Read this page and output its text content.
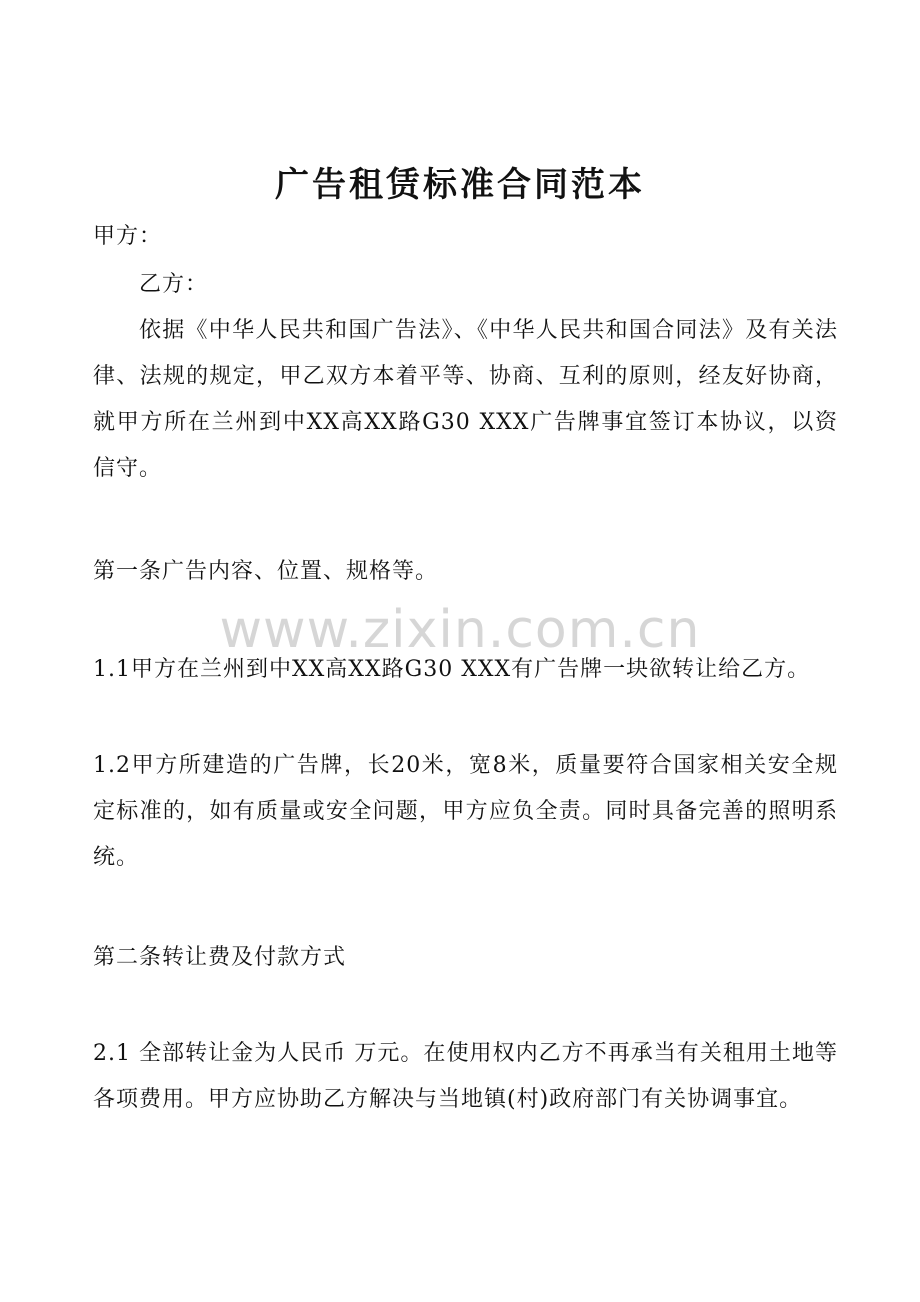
广告租赁标准合同范本
甲方：
乙方：
依据《中华人民共和国广告法》、《中华人民共和国合同法》及有关法律、法规的规定，甲乙双方本着平等、协商、互利的原则，经友好协商，就甲方所在兰州到中XX高XX路G30 XXX广告牌事宜签订本协议，以资信守。
第一条广告内容、位置、规格等。
www.zixin.com.cn
1.1甲方在兰州到中XX高XX路G30 XXX有广告牌一块欲转让给乙方。
1.2甲方所建造的广告牌，长20米，宽8米，质量要符合国家相关安全规定标准的，如有质量或安全问题，甲方应负全责。同时具备完善的照明系统。
第二条转让费及付款方式
2.1 全部转让金为人民币 万元。在使用权内乙方不再承当有关租用土地等各项费用。甲方应协助乙方解决与当地镇(村)政府部门有关协调事宜。
